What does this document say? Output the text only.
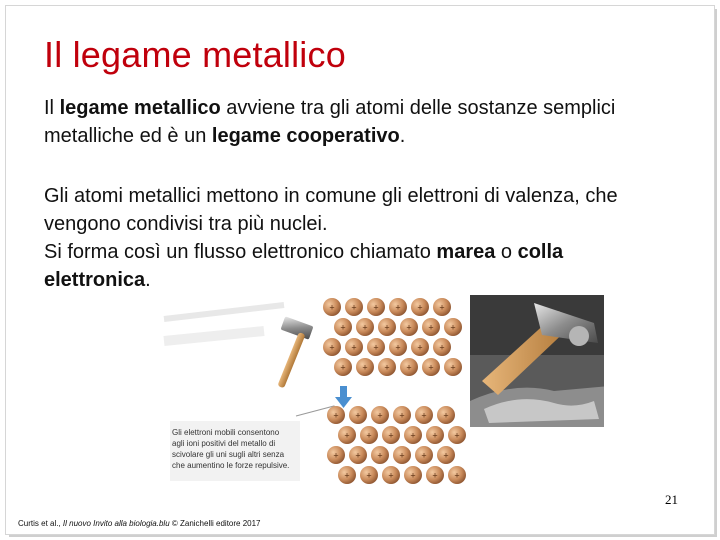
Il legame metallico
Il legame metallico avviene tra gli atomi delle sostanze semplici metalliche ed è un legame cooperativo.
Gli atomi metallici mettono in comune gli elettroni di valenza, che vengono condivisi tra più nuclei.
Si forma così un flusso elettronico chiamato marea o colla elettronica.
+ + + + + +
+ + + + + +
+ + + + + +
+ + + + + +
+ + + + + +
+ + + + + +
+ + + + + +
+ + + + + +
Gli elettroni mobili consentono
agli ioni positivi del metallo di
scivolare gli uni sugli altri senza
che aumentino le forze repulsive.
21
Curtis et al., Il nuovo Invito alla biologia.blu © Zanichelli editore 2017
